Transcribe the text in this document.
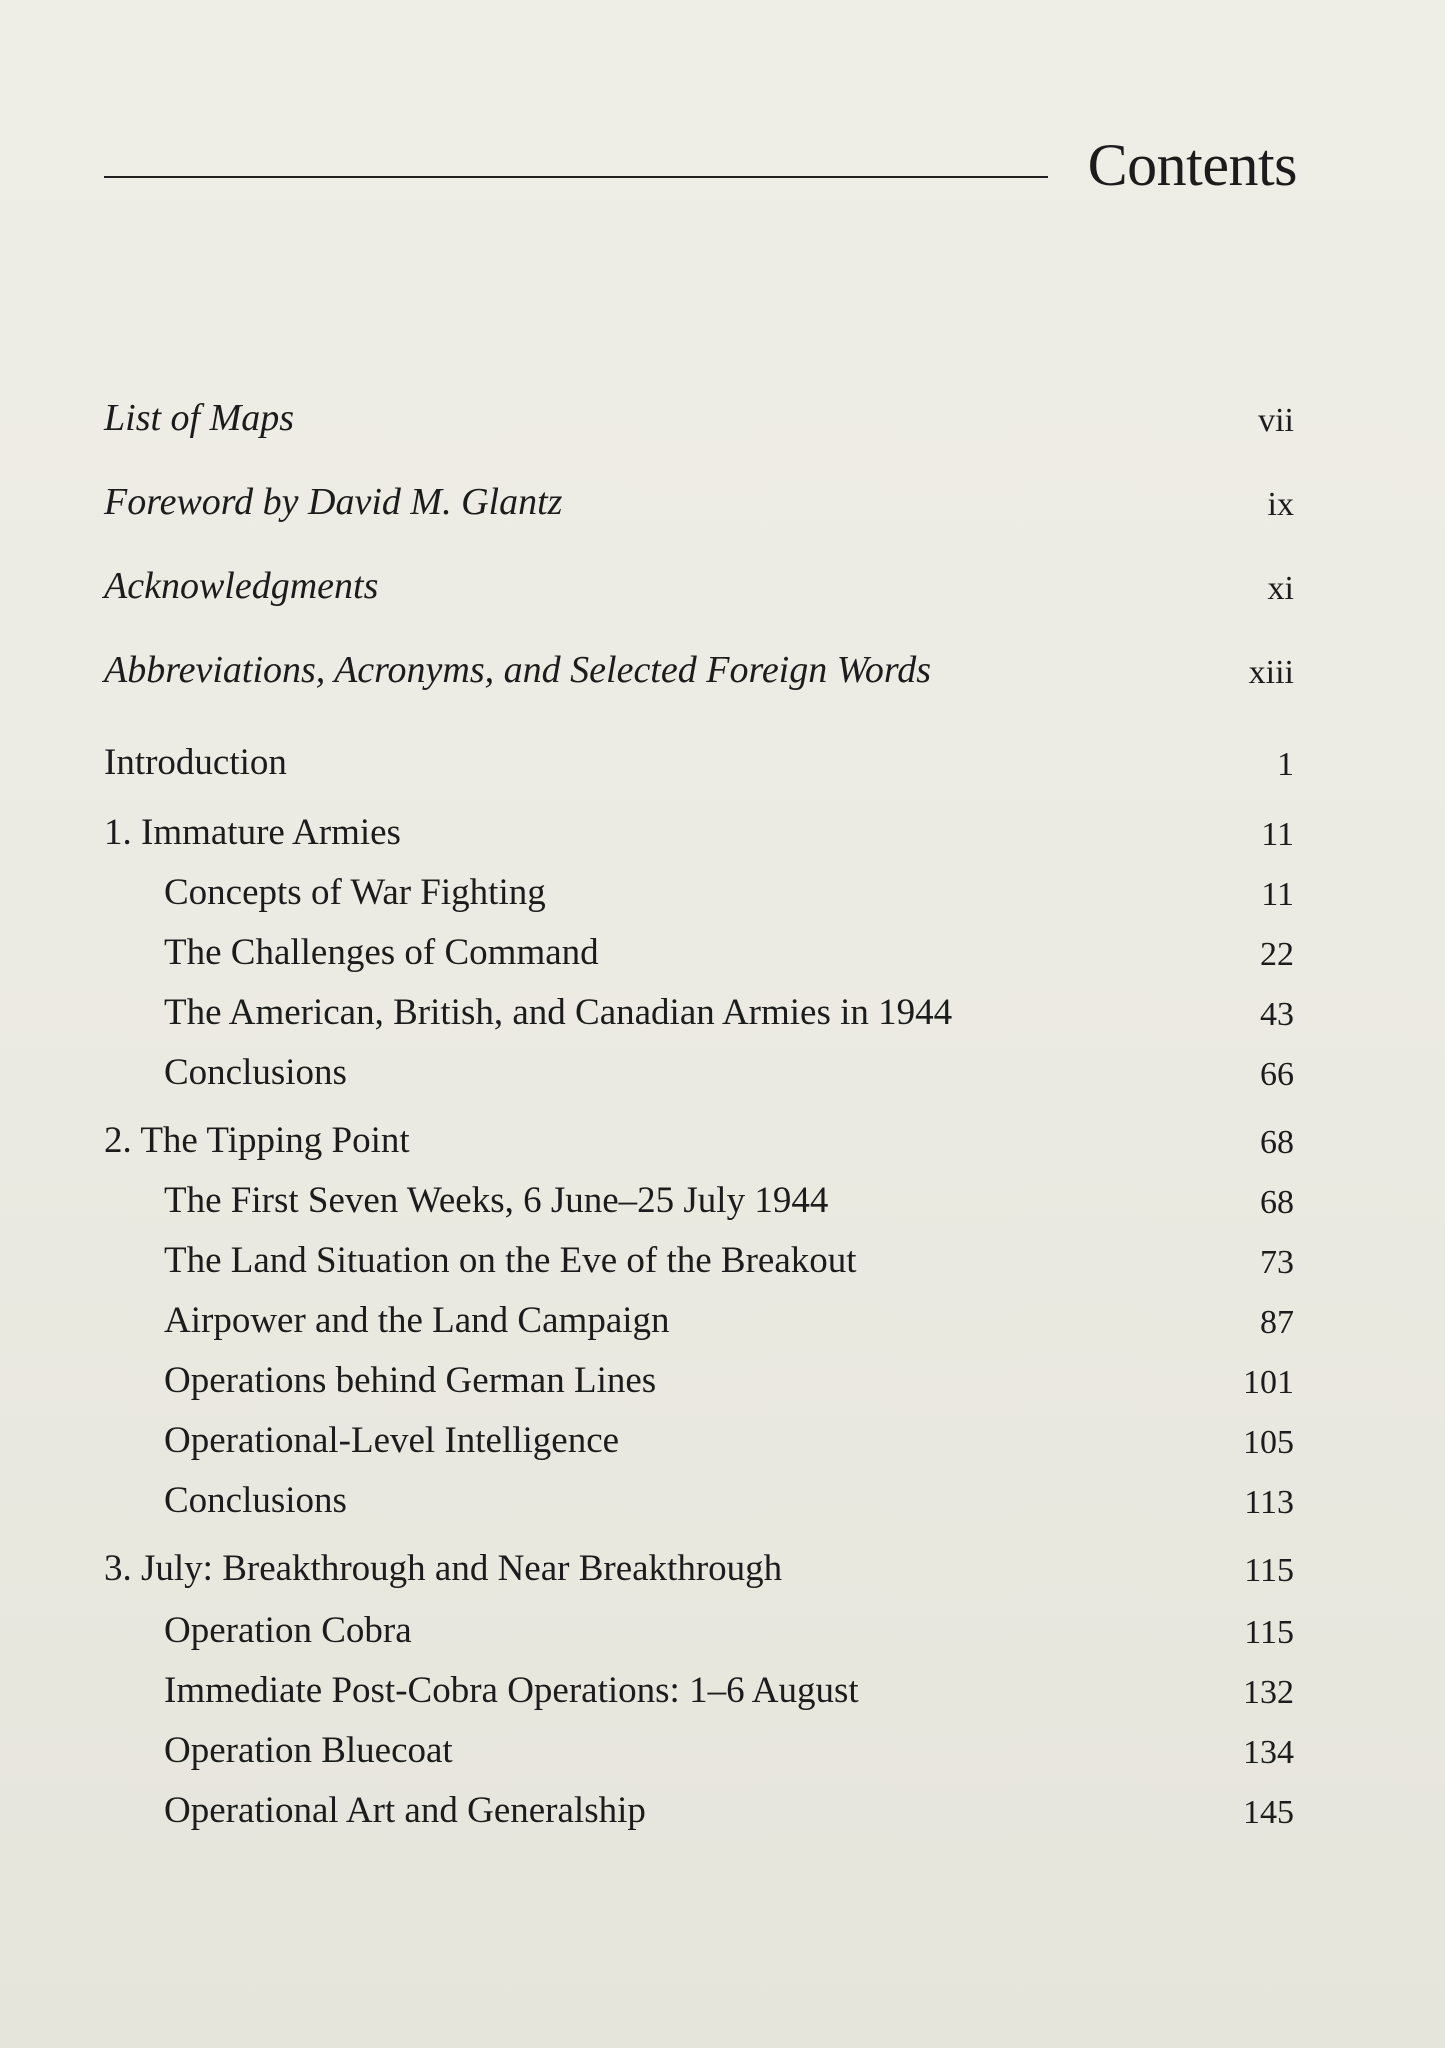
Contents
List of Maps	vii
Foreword by David M. Glantz	ix
Acknowledgments	xi
Abbreviations, Acronyms, and Selected Foreign Words	xiii
Introduction	1
1. Immature Armies	11
Concepts of War Fighting	11
The Challenges of Command	22
The American, British, and Canadian Armies in 1944	43
Conclusions	66
2. The Tipping Point	68
The First Seven Weeks, 6 June–25 July 1944	68
The Land Situation on the Eve of the Breakout	73
Airpower and the Land Campaign	87
Operations behind German Lines	101
Operational-Level Intelligence	105
Conclusions	113
3. July: Breakthrough and Near Breakthrough	115
Operation Cobra	115
Immediate Post-Cobra Operations: 1–6 August	132
Operation Bluecoat	134
Operational Art and Generalship	145
